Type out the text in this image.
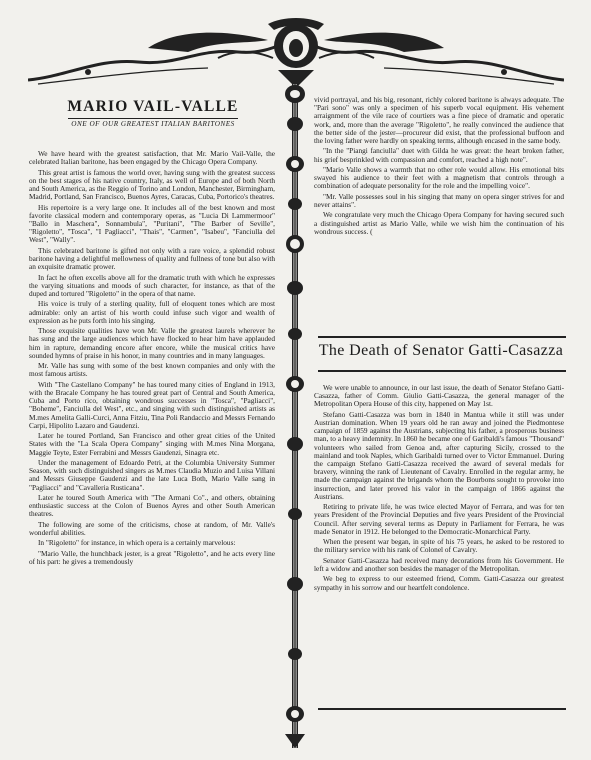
MARIO VAIL-VALLE
ONE OF OUR GREATEST ITALIAN BARITONES

We have heard with the greatest satisfaction, that Mr. Mario Vail-Valle, the celebrated Italian baritone, has been engaged by the Chicago Opera Company.

This great artist is famous the world over, having sung with the greatest success on the best stages of his native country, Italy, as well of Europe and of both North and South America, as the Reggio of Torino and London, Manchester, Birmingham, Madrid, Portland, San Francisco, Buenos Ayres, Caracas, Cuba, Portorico's theatres.

His repertoire is a very large one. It includes all of the best known and most favorite classical modern and contemporary operas, as "Lucia Di Lammermoor" "Ballo in Maschera", Sonnambula", "Puritani", "The Barber of Seville", "Rigoletto", "Tosca", "I Pagliacci", "Thais", "Carmen", "Isabeu", "Fanciulla del West", "Wally".

This celebrated baritone is gifted not only with a rare voice, a splendid robust baritone having a delightful mellowness of quality and fullness of tone but also with an exquisite dramatic prower.

In fact he often excells above all for the dramatic truth with which he expresses the varying situations and moods of such character, for instance, as that of the duped and tortured "Rigoletto" in the opera of that name.

His voice is truly of a sterling quality, full of eloquent tones which are most admirable: only an artist of his worth could infuse such vigor and wealth of expression as he puts forth into his singing.

Those exquisite qualities have won Mr. Valle the greatest laurels wherever he has sung and the large audiences which have flocked to hear him have applauded him in rapture, demanding encore after encore, while the musical critics have sounded hymns of praise in his honor, in many countries and in many languages.

Mr. Valle has sung with some of the best known companies and only with the most famous artists.

With "The Castellano Company" he has toured many cities of England in 1913, with the Bracale Company he has toured great part of Central and South America, Cuba and Porto rico, obtaining wondrous successes in "Tosca", "Pagliacci", "Boheme", Fanciulla del West", etc., and singing with such distinguished artists as M.mes Amelita Galli-Curci, Anna Fitziu, Tina Poli Randaccio and Messrs Fernando Carpi, Hipolito Lazaro and Gaudenzi.

Later he toured Portland, San Francisco and other great cities of the United States with the "La Scala Opera Company" singing with M.mes Nina Morgana, Maggie Teyte, Ester Ferrabini and Messrs Gaudenzi, Sinagra etc.

Under the management of Edoardo Petri, at the Columbia University Summer Season, with such distinguished singers as M.mes Claudia Muzio and Luisa Villani and Messrs Giuseppe Gaudenzi and the late Luca Both, Mario Valle sang in "Pagliacci" and "Cavalleria Rusticana".

Later he toured South America with "The Armani Co"., and others, obtaining enthusiastic success at the Colon of Buenos Ayres and other South American theatres.

The following are some of the criticisms, chose at random, of Mr. Valle's wonderful abilities.

In "Rigoletto" for instance, in which opera is a certainly marvelous:

"Mario Valle, the hunchback jester, is a great "Rigoletto", and he acts every line of his part: he gives a tremendously

vivid portrayal, and his big, resonant, richly colored baritone is always adequate. The "Pari sono" was only a specimen of his superb vocal equipment. His vehement arraignment of the vile race of courtiers was a fine piece of dramatic and operatic work, and, more than the average "Rigoletto", he really convinced the audience that the better side of the jester—procureur did exist, that the professional buffoon and the loving father were hardly on speaking terms, although encased in the same body.

"In the "Piangi fanciulla" duet with Gilda he was great: the heart broken father, his grief besprinkled with compassion and comfort, reached a high note".

"Mario Valle shows a warmth that no other role would allow. His emotional bits swayed his audience to their feet with a magnetism that controls through a combination of adequate personality for the role and the impelling voice".

"Mr. Valle possesses soul in his singing that many on opera singer strives for and never attains".

We congratulate very much the Chicago Opera Company for having secured such a distinguished artist as Mario Valle, while we wish him the continuation of his wondrous success. (

The Death of Senator Gatti-Casazza

We were unable to announce, in our last issue, the death of Senator Stefano Gatti-Casazza, father of Comm. Giulio Gatti-Casazza, the general manager of the Metropolitan Opera House of this city, happened on May 1st.

Stefano Gatti-Casazza was born in 1840 in Mantua while it still was under Austrian domination. When 19 years old he ran away and joined the Piedmontese campaign of 1859 against the Austrians, subjecting his father, a prosperous business man, to a heavy indemnity. In 1860 he became one of Garibaldi's famous "Thousand" volunteers who sailed from Genoa and, after capturing Sicily, crossed to the mainland and took Naples, which Garibaldi turned over to Victor Emmanuel. During the campaign Stefano Gatti-Casazza received the award of several medals for bravery, winning the rank of Lieutenant of Cavalry. Enrolled in the regular army, he made the campaign against the brigands whom the Bourbons sought to provoke into insurrection, and later proved his valor in the campaign of 1866 against the Austrians.

Retiring to private life, he was twice elected Mayor of Ferrara, and was for ten years President of the Provincial Deputies and five years President of the Provincial Council. After serving several terms as Deputy in Parliament for Ferrara, he was made Senator in 1912. He belonged to the Democratic-Monarchical Party.

When the present war began, in spite of his 75 years, he asked to be restored to the military service with his rank of Colonel of Cavalry.

Senator Gatti-Casazza had received many decorations from his Government. He left a widow and another son besides the manager of the Metropolitan.

We beg to express to our esteemed friend, Comm. Gatti-Casazza our greatest sympathy in his sorrow and our heartfelt condolence.
